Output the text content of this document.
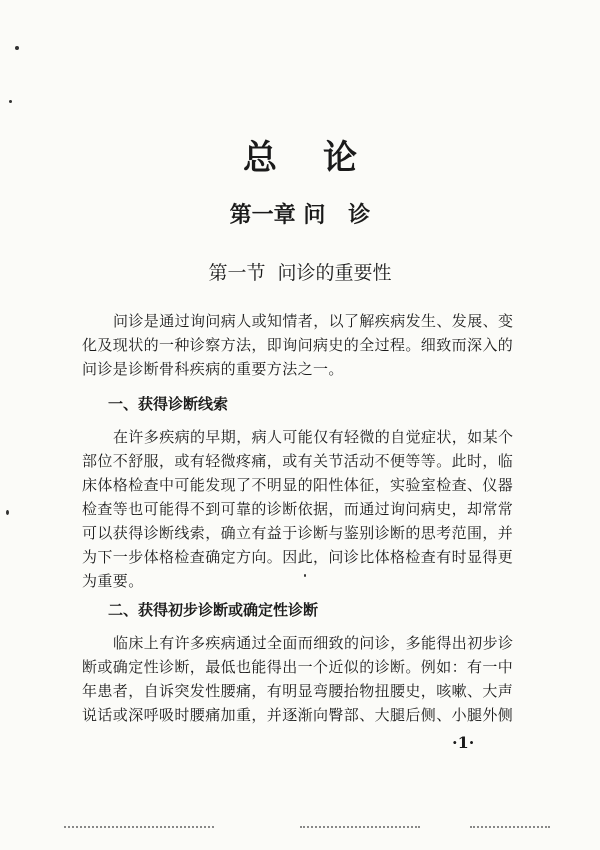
总论
第一章 问   诊
第一节  问诊的重要性
问诊是通过询问病人或知情者，以了解疾病发生、发展、变
化及现状的一种诊察方法，即询问病史的全过程。细致而深入的
问诊是诊断骨科疾病的重要方法之一。
一、获得诊断线索
在许多疾病的早期，病人可能仅有轻微的自觉症状，如某个
部位不舒服，或有轻微疼痛，或有关节活动不便等等。此时，临
床体格检查中可能发现了不明显的阳性体征，实验室检查、仪器
检查等也可能得不到可靠的诊断依据，而通过询问病史，却常常
可以获得诊断线索，确立有益于诊断与鉴别诊断的思考范围，并
为下一步体格检查确定方向。因此，问诊比体格检查有时显得更
为重要。
二、获得初步诊断或确定性诊断
临床上有许多疾病通过全面而细致的问诊，多能得出初步诊
断或确定性诊断，最低也能得出一个近似的诊断。例如：有一中
年患者，自诉突发性腰痛，有明显弯腰抬物扭腰史，咳嗽、大声
说话或深呼吸时腰痛加重，并逐渐向臀部、大腿后侧、小腿外侧
·1·
